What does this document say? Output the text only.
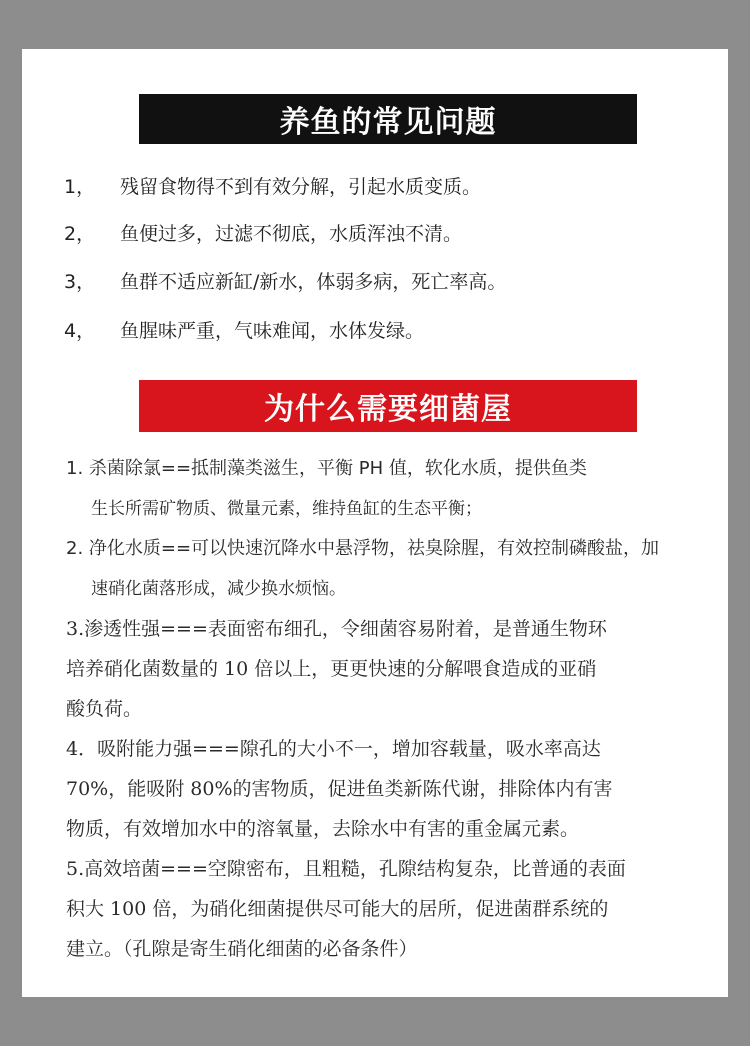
养鱼的常见问题
1，	残留食物得不到有效分解，引起水质变质。
2，	鱼便过多，过滤不彻底，水质浑浊不清。
3，	鱼群不适应新缸/新水，体弱多病，死亡率高。
4，	鱼腥味严重，气味难闻，水体发绿。
为什么需要细菌屋
1. 杀菌除氯==抵制藻类滋生，平衡 PH 值，软化水质，提供鱼类
生长所需矿物质、微量元素，维持鱼缸的生态平衡；
2. 净化水质==可以快速沉降水中悬浮物，祛臭除腥，有效控制磷酸盐，加
速硝化菌落形成，减少换水烦恼。
3.渗透性强===表面密布细孔，令细菌容易附着，是普通生物环
培养硝化菌数量的 10 倍以上，更更快速的分解喂食造成的亚硝
酸负荷。
4．吸附能力强===隙孔的大小不一，增加容载量，吸水率高达
70%，能吸附 80%的害物质，促进鱼类新陈代谢，排除体内有害
物质，有效增加水中的溶氧量，去除水中有害的重金属元素。
5.高效培菌===空隙密布，且粗糙，孔隙结构复杂，比普通的表面
积大 100 倍，为硝化细菌提供尽可能大的居所，促进菌群系统的
建立。（孔隙是寄生硝化细菌的必备条件）
